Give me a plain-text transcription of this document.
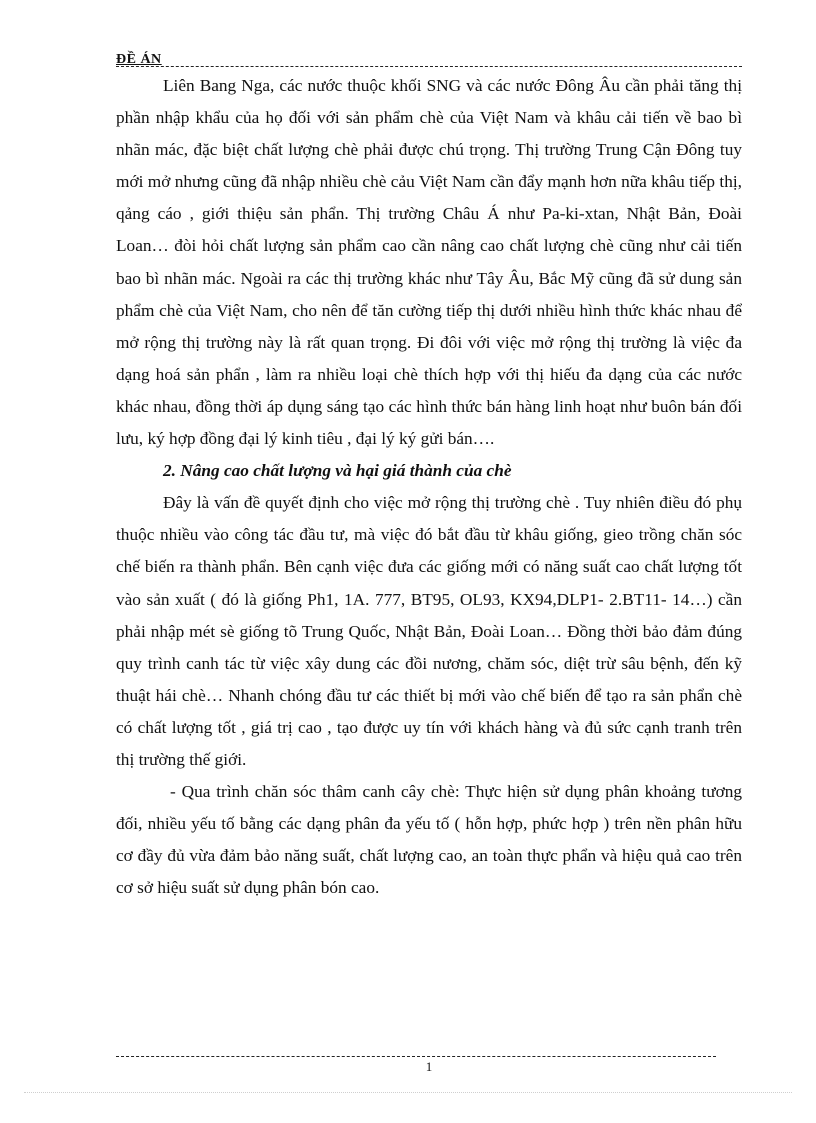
ĐỀ ÁN

Liên Bang Nga, các nước thuộc khối SNG và các nước Đông Âu cần phải tăng thị phần nhập khẩu của họ đối với sản phẩm chè của Việt Nam và khâu cải tiến về bao bì nhãn mác, đặc biệt chất lượng chè phải được chú trọng. Thị trường Trung Cận Đông tuy mới mở nhưng cũng đã nhập nhiều chè cảu Việt Nam cần đẩy mạnh hơn nữa khâu tiếp thị, qảng cáo , giới thiệu sản phẩn. Thị trường Châu Á như Pa-ki-xtan, Nhật Bản, Đoài Loan… đòi hỏi chất lượng sản phẩm cao cần nâng cao chất lượng chè cũng như cải tiến bao bì nhãn mác. Ngoài ra các thị trường khác như Tây Âu, Bắc Mỹ cũng đã sử dung sản phẩm chè của Việt Nam, cho nên để tăn cường tiếp thị dưới nhiều hình thức khác nhau để mở rộng thị trường này là rất quan trọng. Đi đôi với việc mở rộng thị trường là việc đa dạng hoá sản phẩn , làm ra nhiều loại chè thích hợp với thị hiếu đa dạng của các nước khác nhau, đồng thời áp dụng sáng tạo các hình thức bán hàng linh hoạt như buôn bán đối lưu, ký hợp đồng đại lý kinh tiêu , đại lý ký gửi bán….

2. Nâng cao chất lượng và hại giá thành của chè

Đây là vấn đề quyết định cho việc mở rộng thị trường chè . Tuy nhiên điều đó phụ thuộc nhiều vào công tác đầu tư, mà việc đó bắt đầu từ khâu giống, gieo trồng chăn sóc chế biến ra thành phẩn. Bên cạnh việc đưa các giống mới có năng suất cao chất lượng tốt vào sản xuất ( đó là giống Ph1, 1A. 777, BT95, OL93, KX94,DLP1- 2.BT11- 14…) cần phải nhập mét sè giống tõ Trung Quốc, Nhật Bản, Đoài Loan… Đồng thời bảo đảm đúng quy trình canh tác từ việc xây dung các đồi nương, chăm sóc, diệt trừ sâu bệnh, đến kỹ thuật hái chè… Nhanh chóng đầu tư các thiết bị mới vào chế biến để tạo ra sản phẩn chè có chất lượng tốt , giá trị cao , tạo được uy tín với khách hàng và đủ sức cạnh tranh trên thị trường thế giới.

- Qua trình chăn sóc thâm canh cây chè: Thực hiện sử dụng phân khoảng tương đối, nhiều yếu tố bằng các dạng phân đa yếu tố ( hỗn hợp, phức hợp ) trên nền phân hữu cơ đầy đủ vừa đảm bảo năng suất, chất lượng cao, an toàn thực phẩn và hiệu quả cao trên cơ sở hiệu suất sử dụng phân bón cao.

1
